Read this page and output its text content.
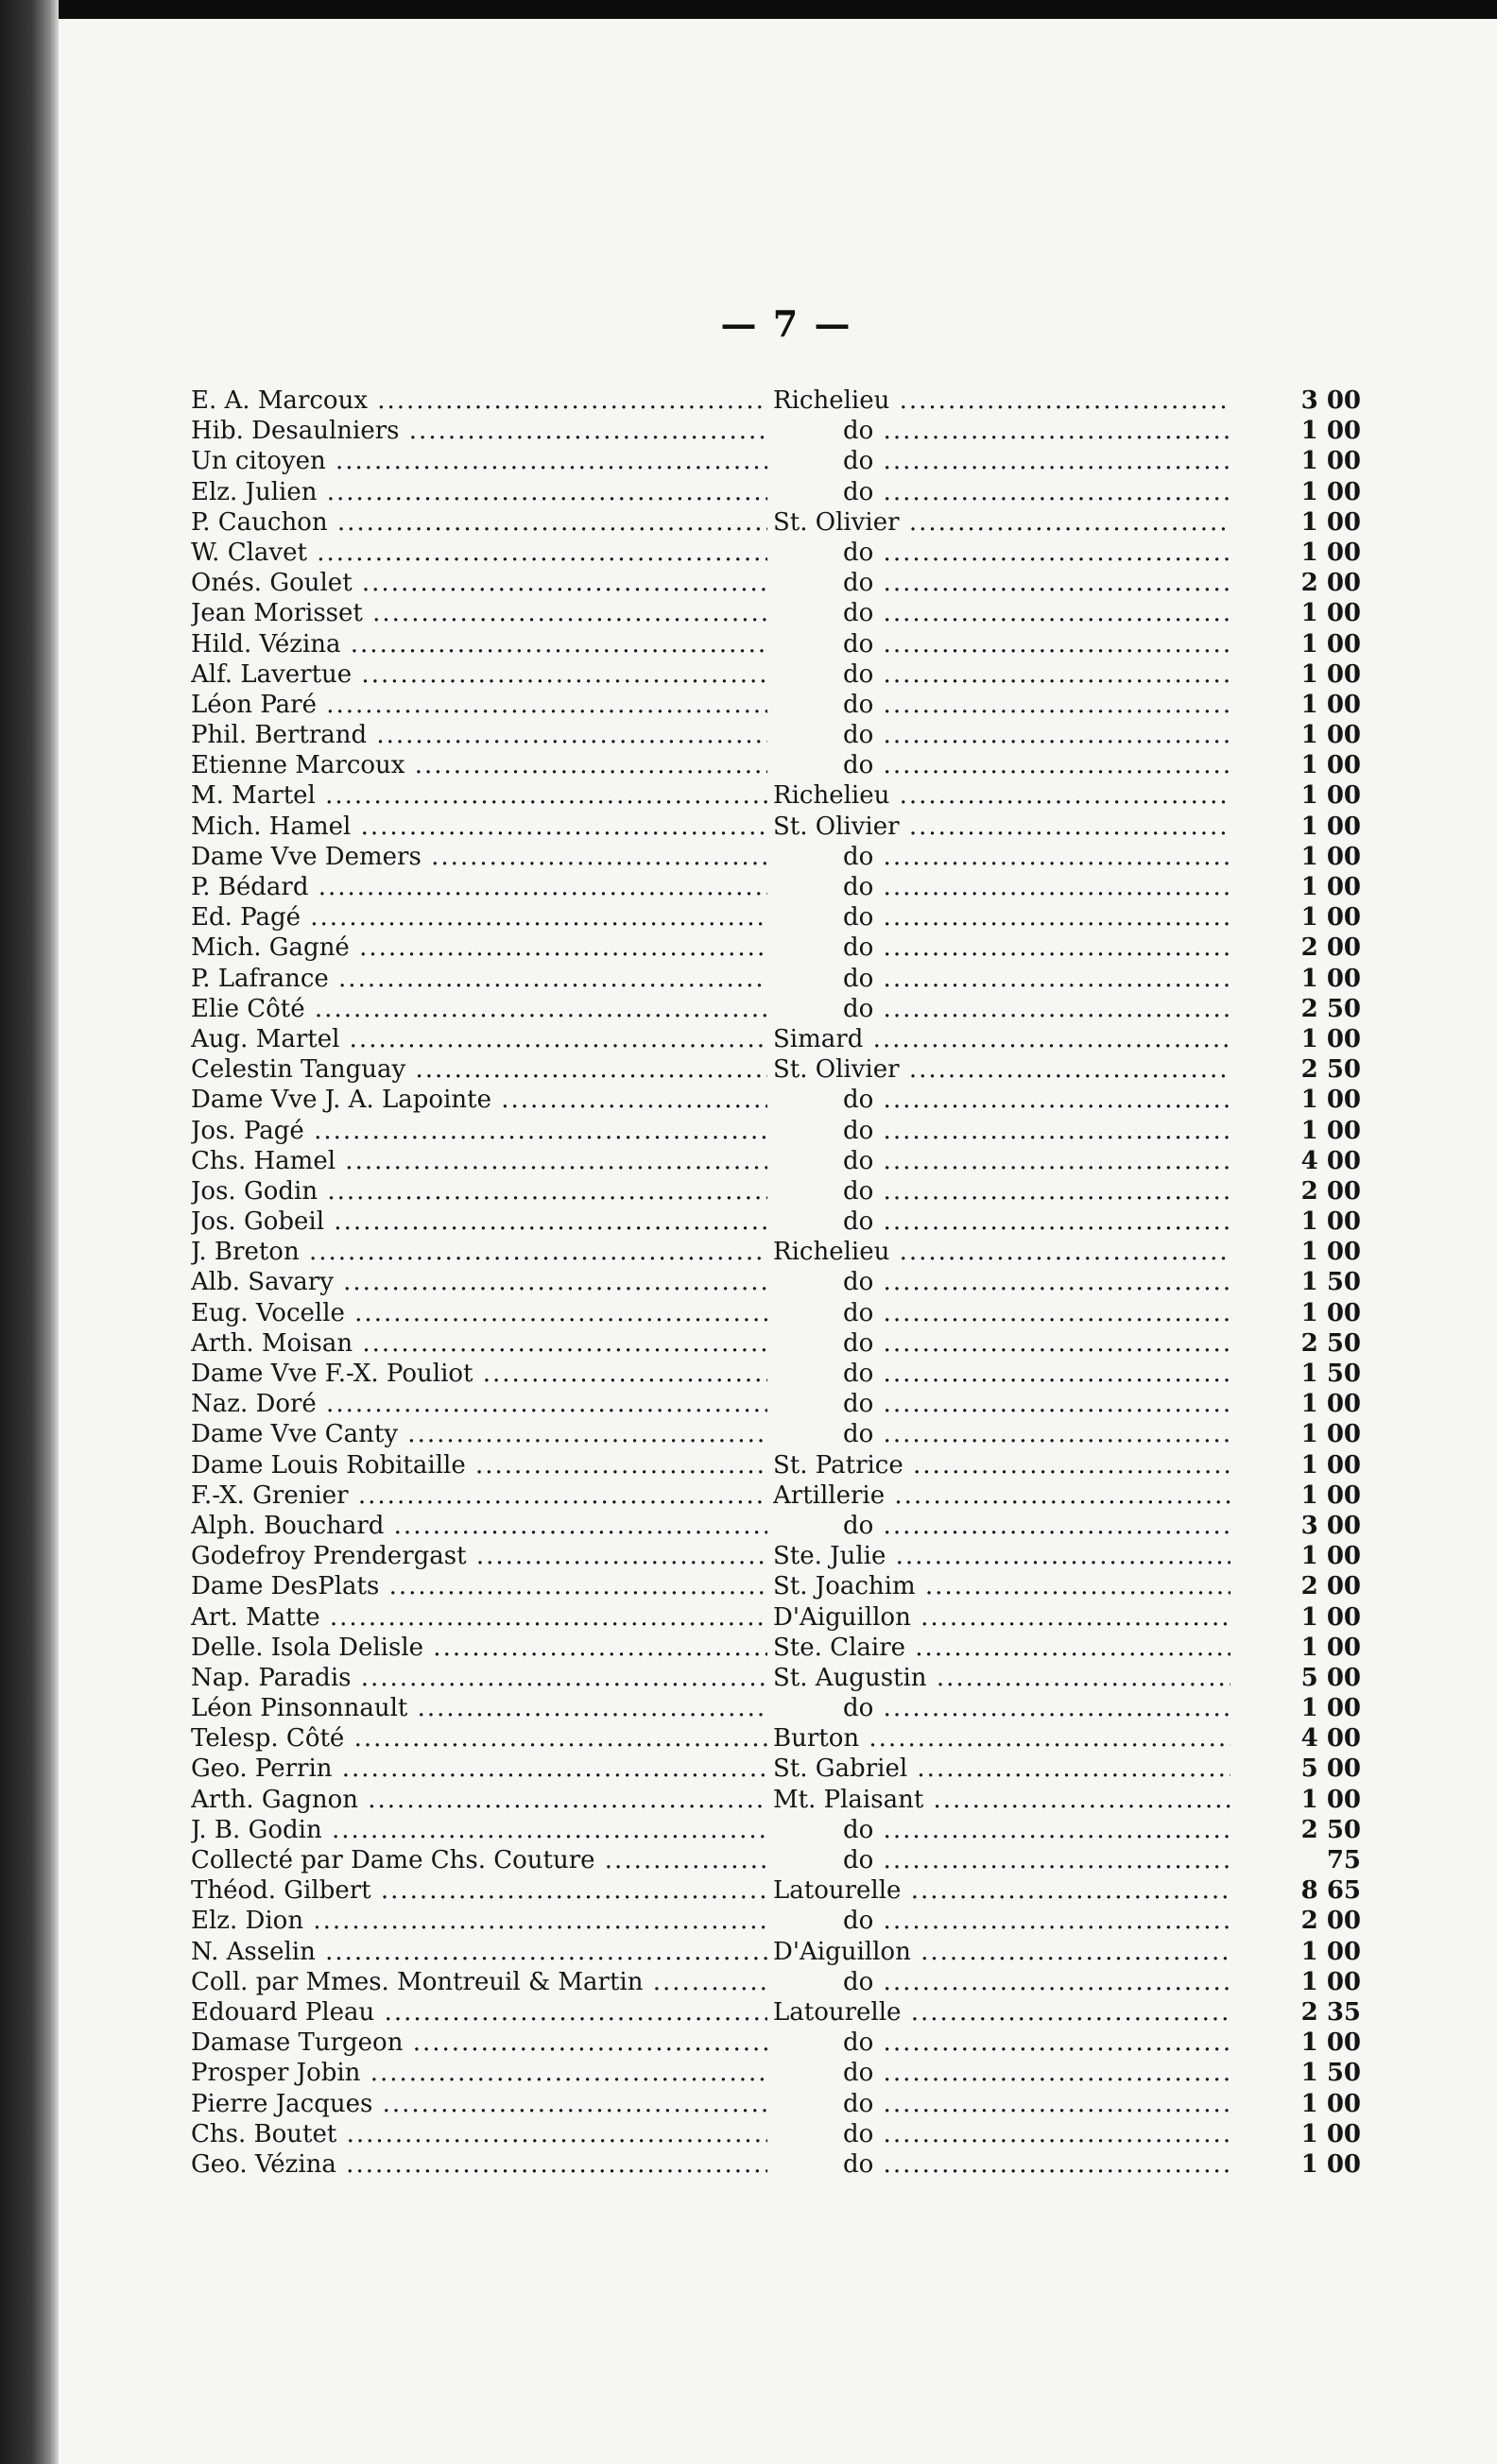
— 7 —
E. A. Marcoux .....	Richelieu .....	3 00
Hib. Desaulniers .....	do .....	1 00
Un citoyen .....	do .....	1 00
Elz. Julien .....	do .....	1 00
P. Cauchon .....	St. Olivier .....	1 00
W. Clavet .....	do .....	1 00
Onés. Goulet .....	do .....	2 00
Jean Morisset .....	do .....	1 00
Hild. Vézina .....	do .....	1 00
Alf. Lavertue .....	do .....	1 00
Léon Paré .....	do .....	1 00
Phil. Bertrand .....	do .....	1 00
Etienne Marcoux .....	do .....	1 00
M. Martel .....	Richelieu .....	1 00
Mich. Hamel .....	St. Olivier .....	1 00
Dame Vve Demers .....	do .....	1 00
P. Bédard .....	do .....	1 00
Ed. Pagé .....	do .....	1 00
Mich. Gagné .....	do .....	2 00
P. Lafrance .....	do .....	1 00
Elie Côté .....	do .....	2 50
Aug. Martel .....	Simard .....	1 00
Celestin Tanguay .....	St. Olivier .....	2 50
Dame Vve J. A. Lapointe .....	do .....	1 00
Jos. Pagé .....	do .....	1 00
Chs. Hamel .....	do .....	4 00
Jos. Godin .....	do .....	2 00
Jos. Gobeil .....	do .....	1 00
J. Breton .....	Richelieu .....	1 00
Alb. Savary .....	do .....	1 50
Eug. Vocelle .....	do .....	1 00
Arth. Moisan .....	do .....	2 50
Dame Vve F.-X. Pouliot .....	do .....	1 50
Naz. Doré .....	do .....	1 00
Dame Vve Canty .....	do .....	1 00
Dame Louis Robitaille .....	St. Patrice .....	1 00
F.-X. Grenier .....	Artillerie .....	1 00
Alph. Bouchard .....	do .....	3 00
Godefroy Prendergast .....	Ste. Julie .....	1 00
Dame DesPlats .....	St. Joachim .....	2 00
Art. Matte .....	D'Aiguillon .....	1 00
Delle. Isola Delisle .....	Ste. Claire .....	1 00
Nap. Paradis .....	St. Augustin .....	5 00
Léon Pinsonnault .....	do .....	1 00
Telesp. Côté .....	Burton .....	4 00
Geo. Perrin .....	St. Gabriel .....	5 00
Arth. Gagnon .....	Mt. Plaisant .....	1 00
J. B. Godin .....	do .....	2 50
Collecté par Dame Chs. Couture .....	do .....	75
Théod. Gilbert .....	Latourelle .....	8 65
Elz. Dion .....	do .....	2 00
N. Asselin .....	D'Aiguillon .....	1 00
Coll. par Mmes. Montreuil & Martin .....	do .....	1 00
Edouard Pleau .....	Latourelle .....	2 35
Damase Turgeon .....	do .....	1 00
Prosper Jobin .....	do .....	1 50
Pierre Jacques .....	do .....	1 00
Chs. Boutet .....	do .....	1 00
Geo. Vézina .....	do .....	1 00
